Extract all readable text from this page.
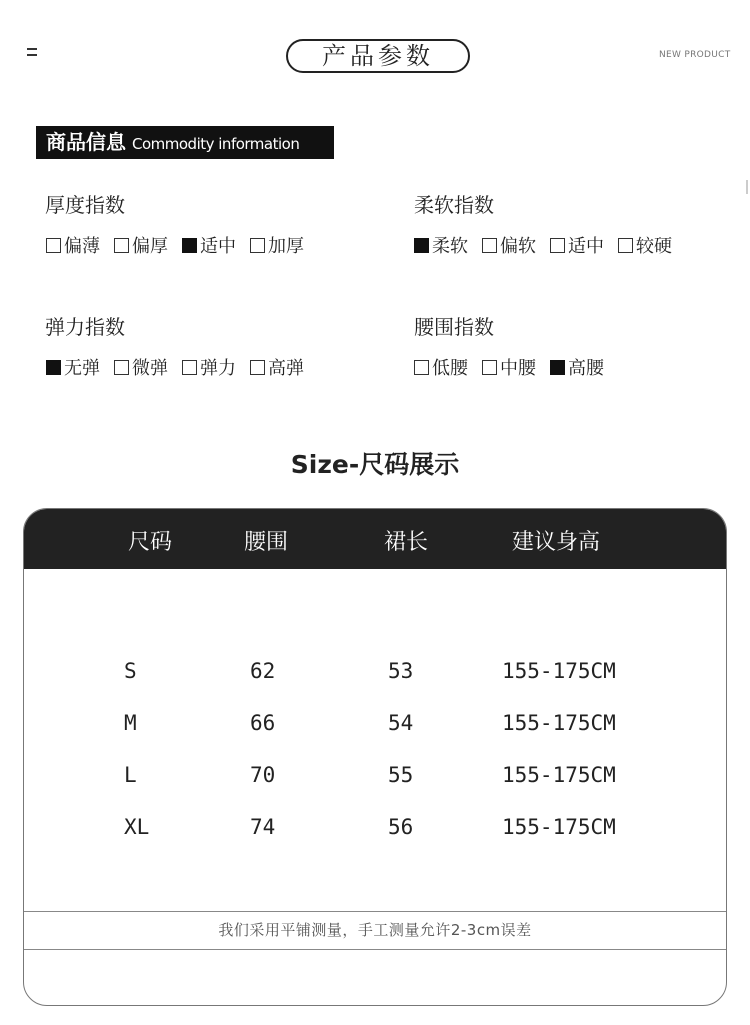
产品参数	NEW PRODUCT
商品信息 Commodity information
厚度指数
偏薄 偏厚 适中 加厚
柔软指数
柔软 偏软 适中 较硬
弹力指数
无弹 微弹 弹力 高弹
腰围指数
低腰 中腰 高腰
Size-尺码展示
尺码	腰围	裙长	建议身高
S	62	53	155-175CM
M	66	54	155-175CM
L	70	55	155-175CM
XL	74	56	155-175CM
我们采用平铺测量，手工测量允许2-3cm误差
